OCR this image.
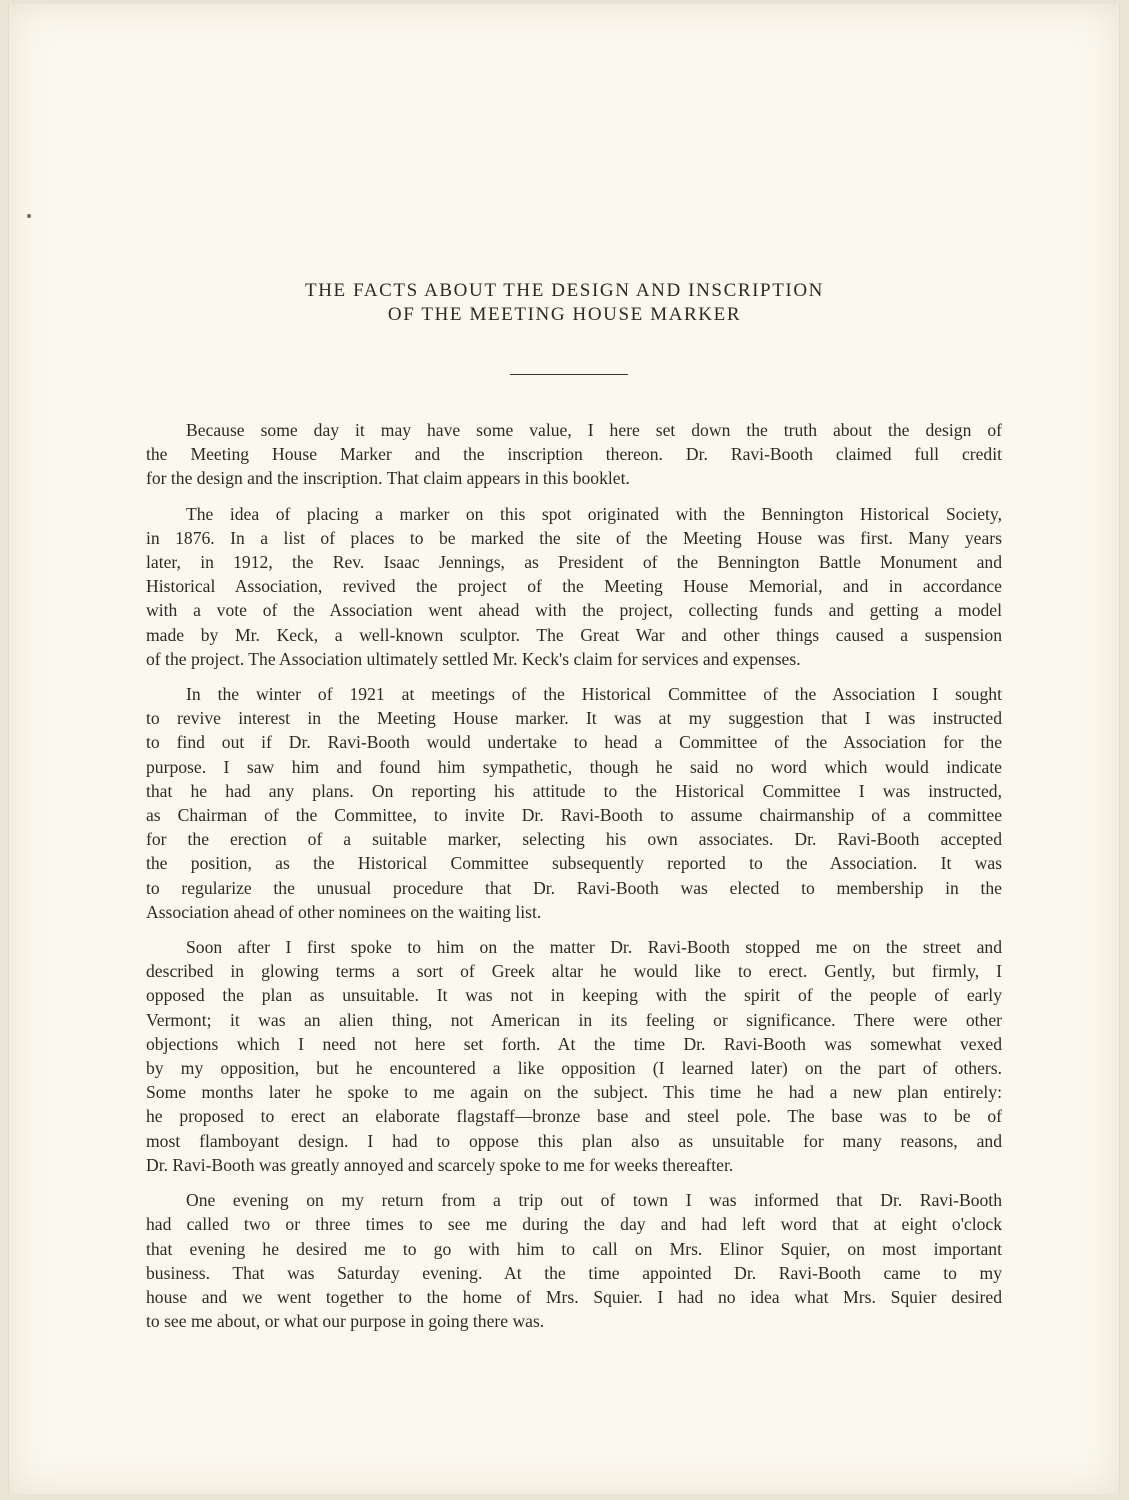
THE FACTS ABOUT THE DESIGN AND INSCRIPTION
OF THE MEETING HOUSE MARKER
Because some day it may have some value, I here set down the truth about the design of
the Meeting House Marker and the inscription thereon. Dr. Ravi-Booth claimed full credit
for the design and the inscription. That claim appears in this booklet.
The idea of placing a marker on this spot originated with the Bennington Historical Society,
in 1876. In a list of places to be marked the site of the Meeting House was first. Many years
later, in 1912, the Rev. Isaac Jennings, as President of the Bennington Battle Monument and
Historical Association, revived the project of the Meeting House Memorial, and in accordance
with a vote of the Association went ahead with the project, collecting funds and getting a model
made by Mr. Keck, a well-known sculptor. The Great War and other things caused a suspension
of the project. The Association ultimately settled Mr. Keck's claim for services and expenses.
In the winter of 1921 at meetings of the Historical Committee of the Association I sought
to revive interest in the Meeting House marker. It was at my suggestion that I was instructed
to find out if Dr. Ravi-Booth would undertake to head a Committee of the Association for the
purpose. I saw him and found him sympathetic, though he said no word which would indicate
that he had any plans. On reporting his attitude to the Historical Committee I was instructed,
as Chairman of the Committee, to invite Dr. Ravi-Booth to assume chairmanship of a committee
for the erection of a suitable marker, selecting his own associates. Dr. Ravi-Booth accepted
the position, as the Historical Committee subsequently reported to the Association. It was
to regularize the unusual procedure that Dr. Ravi-Booth was elected to membership in the
Association ahead of other nominees on the waiting list.
Soon after I first spoke to him on the matter Dr. Ravi-Booth stopped me on the street and
described in glowing terms a sort of Greek altar he would like to erect. Gently, but firmly, I
opposed the plan as unsuitable. It was not in keeping with the spirit of the people of early
Vermont; it was an alien thing, not American in its feeling or significance. There were other
objections which I need not here set forth. At the time Dr. Ravi-Booth was somewhat vexed
by my opposition, but he encountered a like opposition (I learned later) on the part of others.
Some months later he spoke to me again on the subject. This time he had a new plan entirely:
he proposed to erect an elaborate flagstaff—bronze base and steel pole. The base was to be of
most flamboyant design. I had to oppose this plan also as unsuitable for many reasons, and
Dr. Ravi-Booth was greatly annoyed and scarcely spoke to me for weeks thereafter.
One evening on my return from a trip out of town I was informed that Dr. Ravi-Booth
had called two or three times to see me during the day and had left word that at eight o'clock
that evening he desired me to go with him to call on Mrs. Elinor Squier, on most important
business. That was Saturday evening. At the time appointed Dr. Ravi-Booth came to my
house and we went together to the home of Mrs. Squier. I had no idea what Mrs. Squier desired
to see me about, or what our purpose in going there was.
